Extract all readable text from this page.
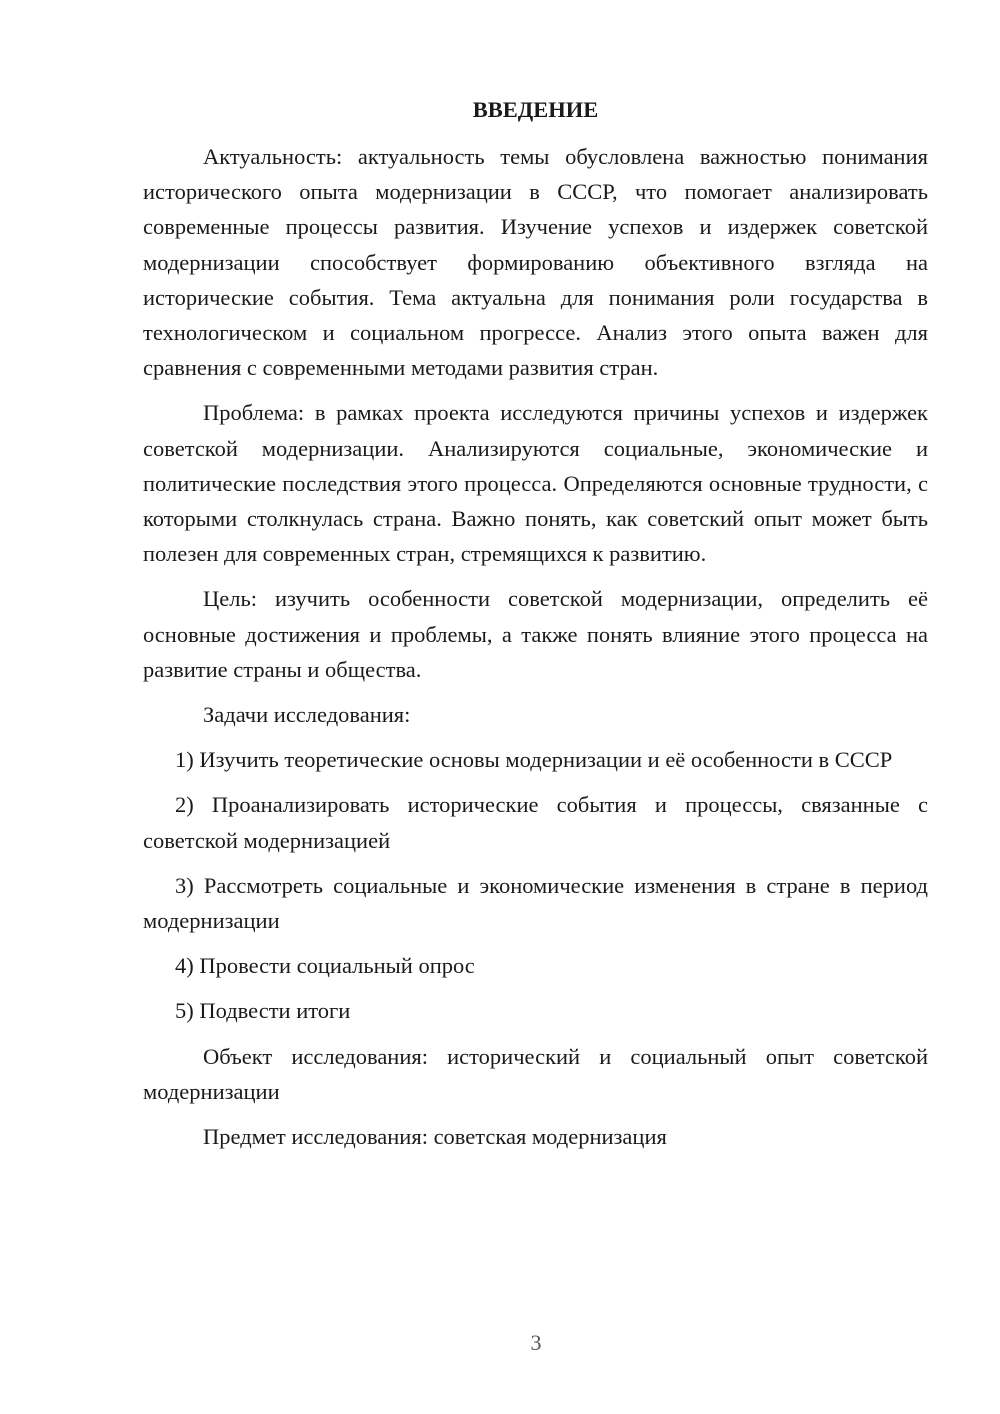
ВВЕДЕНИЕ

Актуальность: актуальность темы обусловлена важностью понимания исторического опыта модернизации в СССР, что помогает анализировать современные процессы развития. Изучение успехов и издержек советской модернизации способствует формированию объективного взгляда на исторические события. Тема актуальна для понимания роли государства в технологическом и социальном прогрессе. Анализ этого опыта важен для сравнения с современными методами развития стран.

Проблема: в рамках проекта исследуются причины успехов и издержек советской модернизации. Анализируются социальные, экономические и политические последствия этого процесса. Определяются основные трудности, с которыми столкнулась страна. Важно понять, как советский опыт может быть полезен для современных стран, стремящихся к развитию.

Цель: изучить особенности советской модернизации, определить её основные достижения и проблемы, а также понять влияние этого процесса на развитие страны и общества.

Задачи исследования:

1) Изучить теоретические основы модернизации и её особенности в СССР

2) Проанализировать исторические события и процессы, связанные с советской модернизацией

3) Рассмотреть социальные и экономические изменения в стране в период модернизации

4) Провести социальный опрос

5) Подвести итоги

Объект исследования: исторический и социальный опыт советской модернизации

Предмет исследования: советская модернизация

3
